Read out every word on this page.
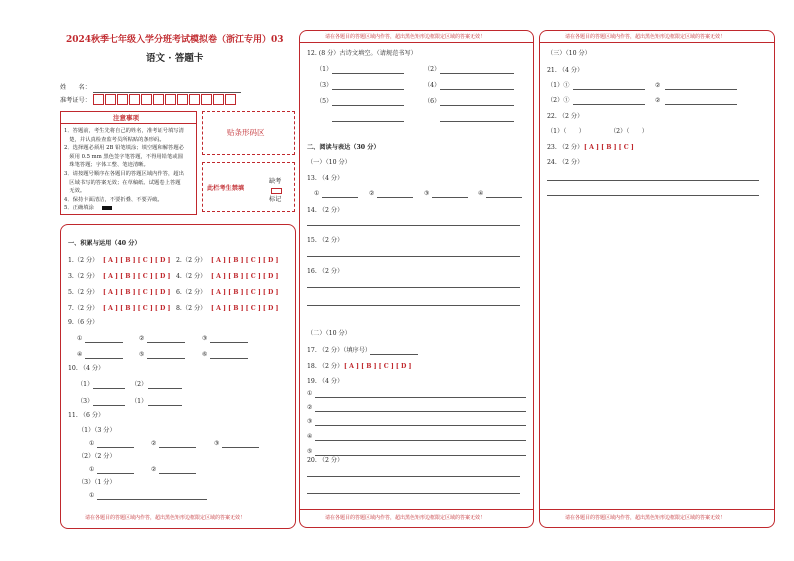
2024秋季七年级入学分班考试模拟卷（浙江专用）03
语文 · 答题卡
姓　　名：
准考证号：
注意事项
1．答题前，考生先将自己的姓名，准考证号填写清
　楚，并认真检查监考员所粘贴的条形码。
2．选择题必须用 2B 铅笔填涂；填空题和解答题必
　须用 0.5 mm 黑色签字笔答题，不得用铅笔或圆
　珠笔答题；字体工整、笔迹清晰。
3．请按题号顺序在各题目的答题区域内作答，超出
　区域书写的答案无效；在草稿纸、试题卷上答题
　无效。
4．保持卡面清洁，不要折叠、不要弄破。
5．正确填涂
贴条形码区
此栏考生禁填
缺考
标记
请在各题目的答题区域内作答，超出黑色矩形边框限定区域的答案无效！
一、积累与运用（40 分）
9.（6 分）
10. （4 分）
11. （6 分）
（1）（3 分）
（2）（2 分）
（3）（1 分）
请在各题目的答题区域内作答，超出黑色矩形边框限定区域的答案无效！
请在各题目的答题区域内作答，超出黑色矩形边框限定区域的答案无效！
12. (8 分）古诗文填空。（请规范书写）
二、阅读与表达（30 分）
（一）（10 分）
13. （4 分）
14. （2 分）
15. （2 分）
16. （2 分）
（二）（10 分）
17. （2 分）（填序号）
18. （2 分） [ A ] [ B ] [ C ] [ D ]
19. （4 分）
20. （2 分）
请在各题目的答题区域内作答，超出黑色矩形边框限定区域的答案无效！
请在各题目的答题区域内作答，超出黑色矩形边框限定区域的答案无效！
（三）（10 分）
21. （4 分）
（1）①	②
（2）①	②
22. （2 分）
（1）（　　）	（2）（　　）
23. （2 分） [ A ] [ B ] [ C ]
24. （2 分）
1.（2 分） [ A ] [ B ] [ C ] [ D ] 2.（2 分） [ A ] [ B ] [ C ] [ D ]
3.（2 分） [ A ] [ B ] [ C ] [ D ] 4.（2 分） [ A ] [ B ] [ C ] [ D ]
5.（2 分） [ A ] [ B ] [ C ] [ D ] 6.（2 分） [ A ] [ B ] [ C ] [ D ]
7.（2 分） [ A ] [ B ] [ C ] [ D ] 8.（2 分） [ A ] [ B ] [ C ] [ D ]
①	②	③
④	⑤	⑥
（1）	（2）
（3）	（1）
①	②	③
①	②
①
（1）	（2）
（3）	（4）
（5）	（6）
①	②	③	④
①
②
③
④
⑤
